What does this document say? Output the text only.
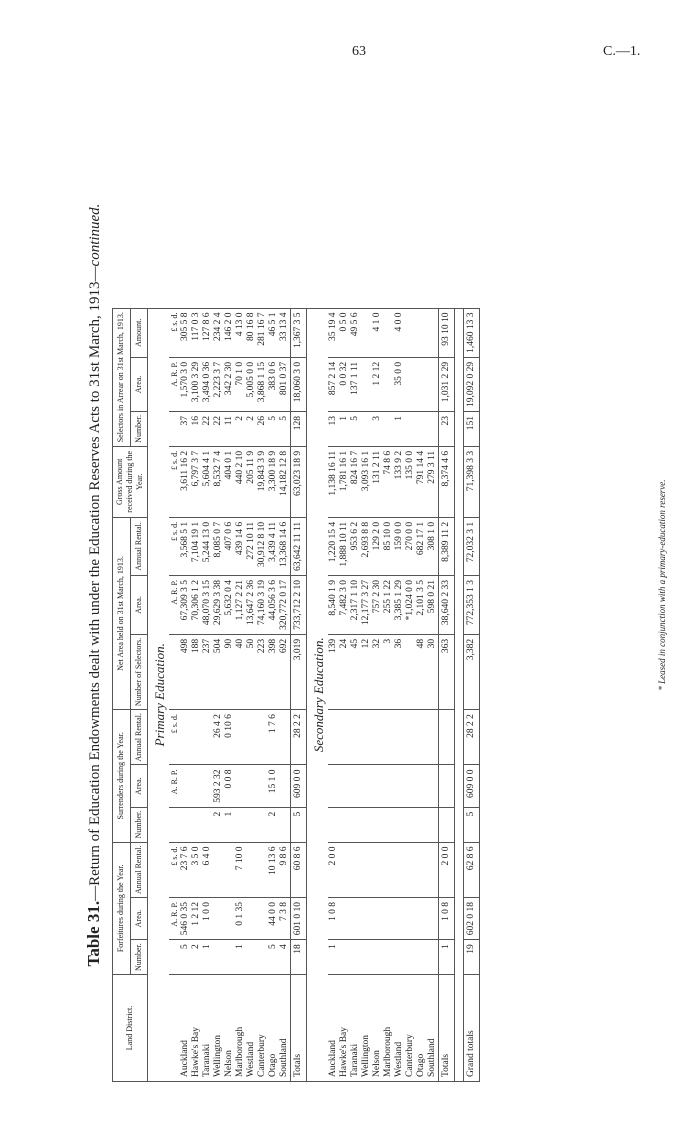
63	C.—1.
Table 31.—Return of Education Endowments dealt with under the Education Reserves Acts to 31st March, 1913—continued.
Land District.	Forfeitures during the Year.			Surrenders during the Year.			Net Area held on 31st March, 1913.			Gross Amount received during the Year.	Selectors in Arrear on 31st March, 1913.		
	Number.	Area.	Annual Rental.	Number.	Area.	Annual Rental.	Number of Selectors.	Area.	Annual Rental.		Number.	Area.	Amount.
Primary Education.													
		A. R. P.	£ s. d.		A. R. P.	£ s. d.		A. R. P.	£ s. d.	£ s. d.		A. R. P.	£ s. d.
Auckland	5	546 0 35	23 7 6				498	67,309 3 5	3,568 5 1	3,611 16 2	37	1,570 3 0	305 5 8
Hawke's Bay	2	1 2 12	3 5 0				188	70,306 1 2	7,104 19 1	6,797 3 7	16	3,100 3 29	117 0 3
Taranaki	1	1 0 0	6 4 0				237	48,070 3 15	5,244 13 0	5,604 4 1	22	3,494 0 36	127 8 6
Wellington				2	593 2 32	26 4 2	504	29,629 3 38	8,085 0 7	8,532 7 4	22	2,223 3 7	234 2 4
Nelson				1	0 0 8	0 10 6	90	5,632 0 4	407 0 6	404 0 1	11	342 2 30	146 2 0
Marlborough	1	0 1 35	7 10 0				40	1,127 2 21	439 14 6	440 2 10	2	70 1 0	4 13 0
Westland							50	13,647 2 36	272 10 11	205 11 9	2	5,005 0 0	80 16 8
Canterbury							223	74,160 3 19	30,912 8 10	19,843 3 9	26	3,868 1 15	281 16 7
Otago	5	44 0 0	10 13 6	2	15 1 0	1 7 6	398	44,056 3 6	3,439 4 11	3,300 18 9	5	383 0 6	46 5 1
Southland	4	7 3 8	9 8 6				692	320,772 0 17	13,368 14 6	14,182 12 8	5	801 0 37	33 13 4
Totals	18	601 0 10	60 8 6	5	609 0 0	28 2 2	3,019	733,712 2 10	63,642 11 11	63,023 18 9	128	18,060 3 0	1,367 3 5
Secondary Education.													
Auckland	1	1 0 8	2 0 0				139	8,540 1 9	1,220 15 4	1,138 16 11	13	857 2 14	35 19 4
Hawke's Bay							24	7,482 3 0	1,888 10 11	1,781 16 1	1	0 0 32	0 5 0
Taranaki							45	2,317 1 10	953 6 2	824 16 7	5	137 1 11	49 5 6
Wellington							12	12,177 3 27	2,693 8 8	3,093 16 1			
Nelson							32	757 2 30	129 2 0	131 2 11	3	1 2 12	4 1 0
Marlborough							3	255 1 22	85 10 0	74 8 6			
Westland							36	3,385 1 29	159 0 0	133 9 2	1	35 0 0	4 0 0
Canterbury								*1,024 0 0	270 0 0	135 0 0			
Otago							48	2,101 3 5	682 17 1	791 14 4			
Southland							30	598 0 21	308 1 0	279 3 11			
Totals	1	1 0 8	2 0 0				363	38,640 2 33	8,389 11 2	8,374 4 6	23	1,031 2 29	93 10 10

Grand totals	19	602 0 18	62 8 6	5	609 0 0	28 2 2	3,382	772,353 1 3	72,032 3 1	71,398 3 3	151	19,092 0 29	1,460 13 3
* Leased in conjunction with a primary-education reserve.
